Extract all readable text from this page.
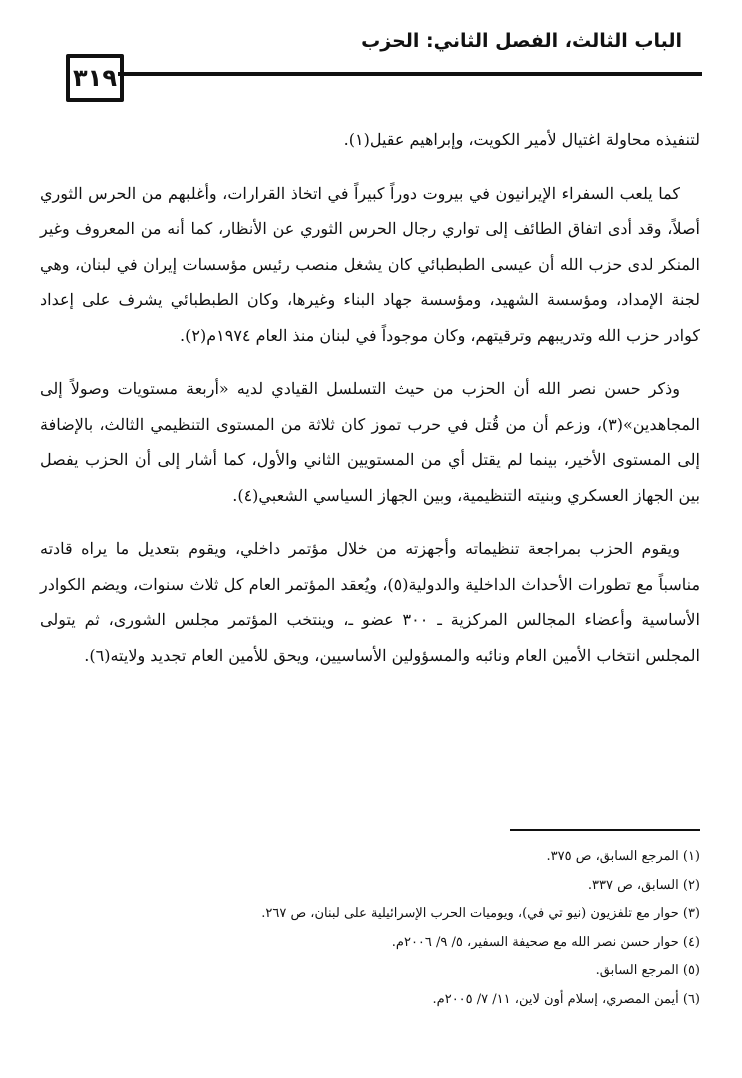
الباب الثالث، الفصل الثاني: الحزب
٣١٩

لتنفيذه محاولة اغتيال لأمير الكويت، وإبراهيم عقيل(١).

كما يلعب السفراء الإيرانيون في بيروت دوراً كبيراً في اتخاذ القرارات، وأغلبهم من الحرس الثوري أصلاً، وقد أدى اتفاق الطائف إلى تواري رجال الحرس الثوري عن الأنظار، كما أنه من المعروف وغير المنكر لدى حزب الله أن عيسى الطبطبائي كان يشغل منصب رئيس مؤسسات إيران في لبنان، وهي لجنة الإمداد، ومؤسسة الشهيد، ومؤسسة جهاد البناء وغيرها، وكان الطبطبائي يشرف على إعداد كوادر حزب الله وتدريبهم وترقيتهم، وكان موجوداً في لبنان منذ العام ١٩٧٤م(٢).

وذكر حسن نصر الله أن الحزب من حيث التسلسل القيادي لديه «أربعة مستويات وصولاً إلى المجاهدين»(٣)، وزعم أن من قُتل في حرب تموز كان ثلاثة من المستوى التنظيمي الثالث، بالإضافة إلى المستوى الأخير، بينما لم يقتل أي من المستويين الثاني والأول، كما أشار إلى أن الحزب يفصل بين الجهاز العسكري وبنيته التنظيمية، وبين الجهاز السياسي الشعبي(٤).

ويقوم الحزب بمراجعة تنظيماته وأجهزته من خلال مؤتمر داخلي، ويقوم بتعديل ما يراه قادته مناسباً مع تطورات الأحداث الداخلية والدولية(٥)، ويُعقد المؤتمر العام كل ثلاث سنوات، ويضم الكوادر الأساسية وأعضاء المجالس المركزية ـ ٣٠٠ عضو ـ، وينتخب المؤتمر مجلس الشورى، ثم يتولى المجلس انتخاب الأمين العام ونائبه والمسؤولين الأساسيين، ويحق للأمين العام تجديد ولايته(٦).

(١) المرجع السابق، ص ٣٧٥.
(٢) السابق، ص ٣٣٧.
(٣) حوار مع تلفزيون (نيو تي في)، ويوميات الحرب الإسرائيلية على لبنان، ص ٢٦٧.
(٤) حوار حسن نصر الله مع صحيفة السفير، ٥/ ٩/ ٢٠٠٦م.
(٥) المرجع السابق.
(٦) أيمن المصري، إسلام أون لاين، ١١/ ٧/ ٢٠٠٥م.
